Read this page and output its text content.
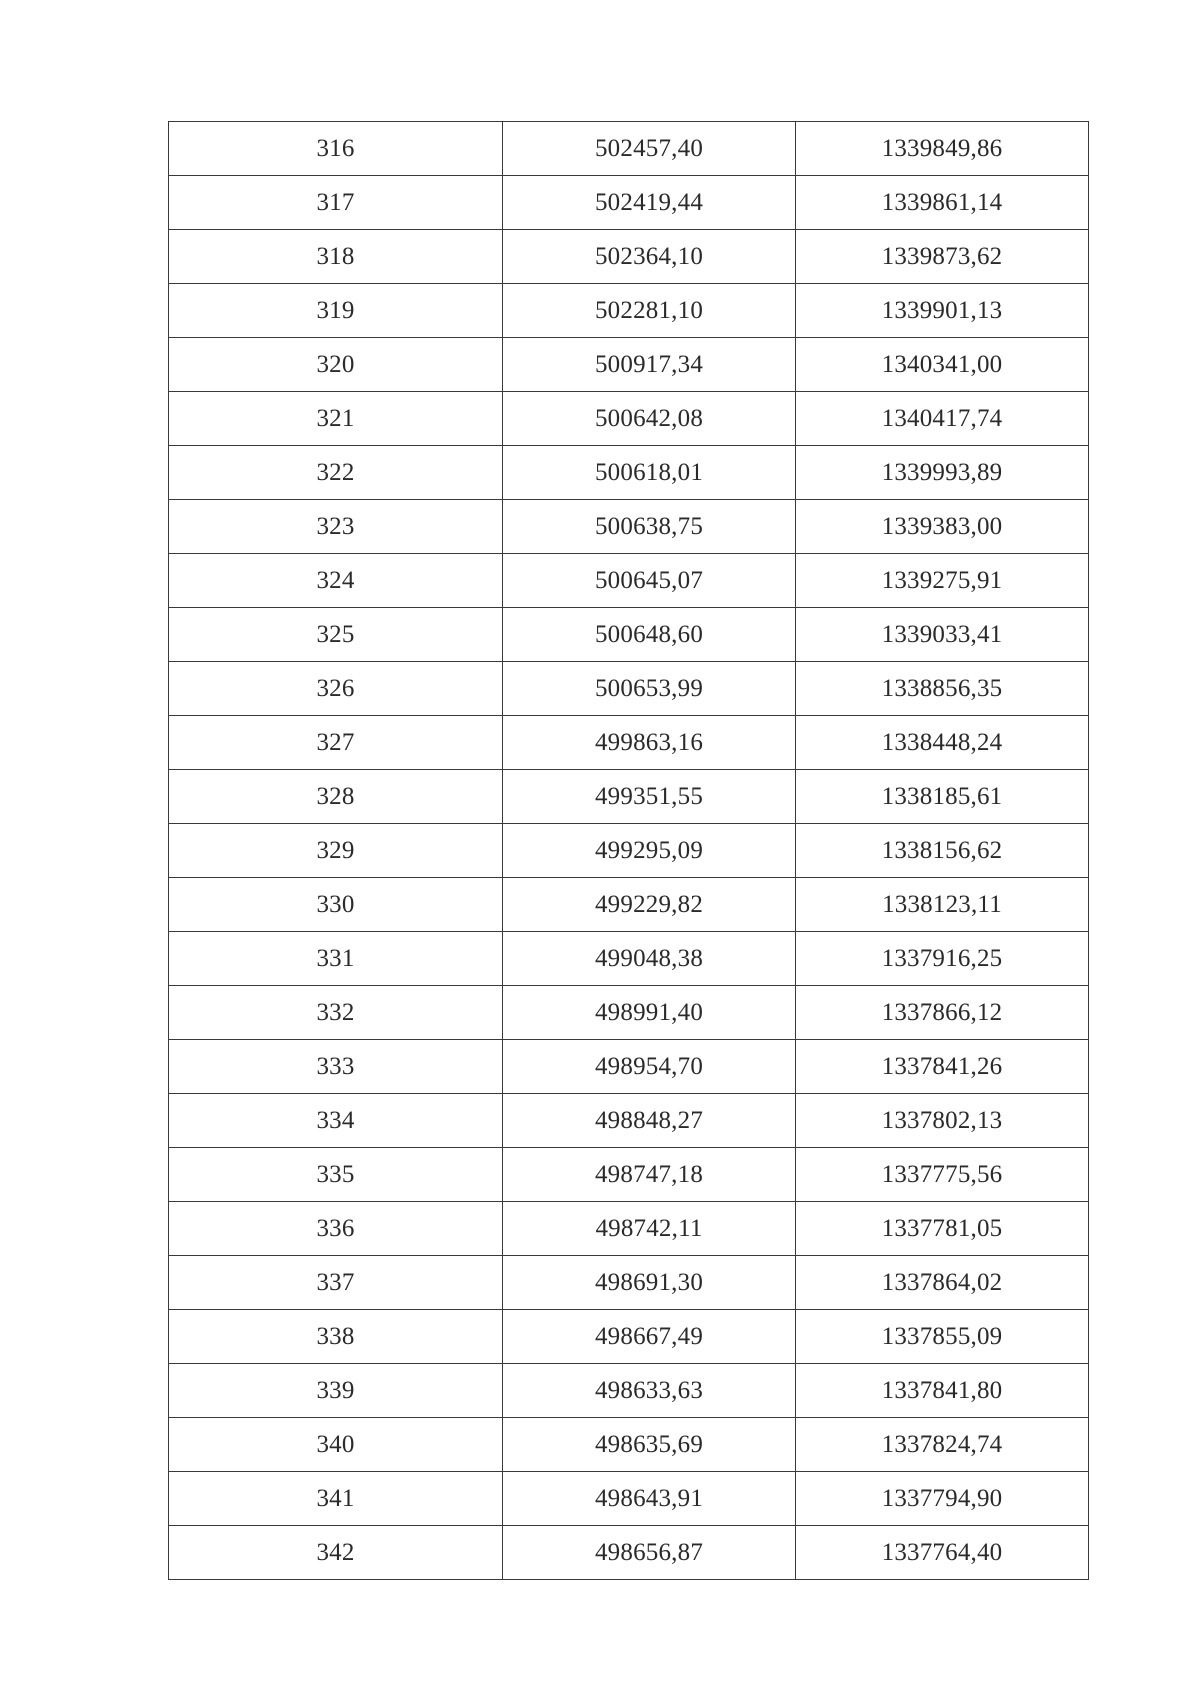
316	502457,40	1339849,86
317	502419,44	1339861,14
318	502364,10	1339873,62
319	502281,10	1339901,13
320	500917,34	1340341,00
321	500642,08	1340417,74
322	500618,01	1339993,89
323	500638,75	1339383,00
324	500645,07	1339275,91
325	500648,60	1339033,41
326	500653,99	1338856,35
327	499863,16	1338448,24
328	499351,55	1338185,61
329	499295,09	1338156,62
330	499229,82	1338123,11
331	499048,38	1337916,25
332	498991,40	1337866,12
333	498954,70	1337841,26
334	498848,27	1337802,13
335	498747,18	1337775,56
336	498742,11	1337781,05
337	498691,30	1337864,02
338	498667,49	1337855,09
339	498633,63	1337841,80
340	498635,69	1337824,74
341	498643,91	1337794,90
342	498656,87	1337764,40
